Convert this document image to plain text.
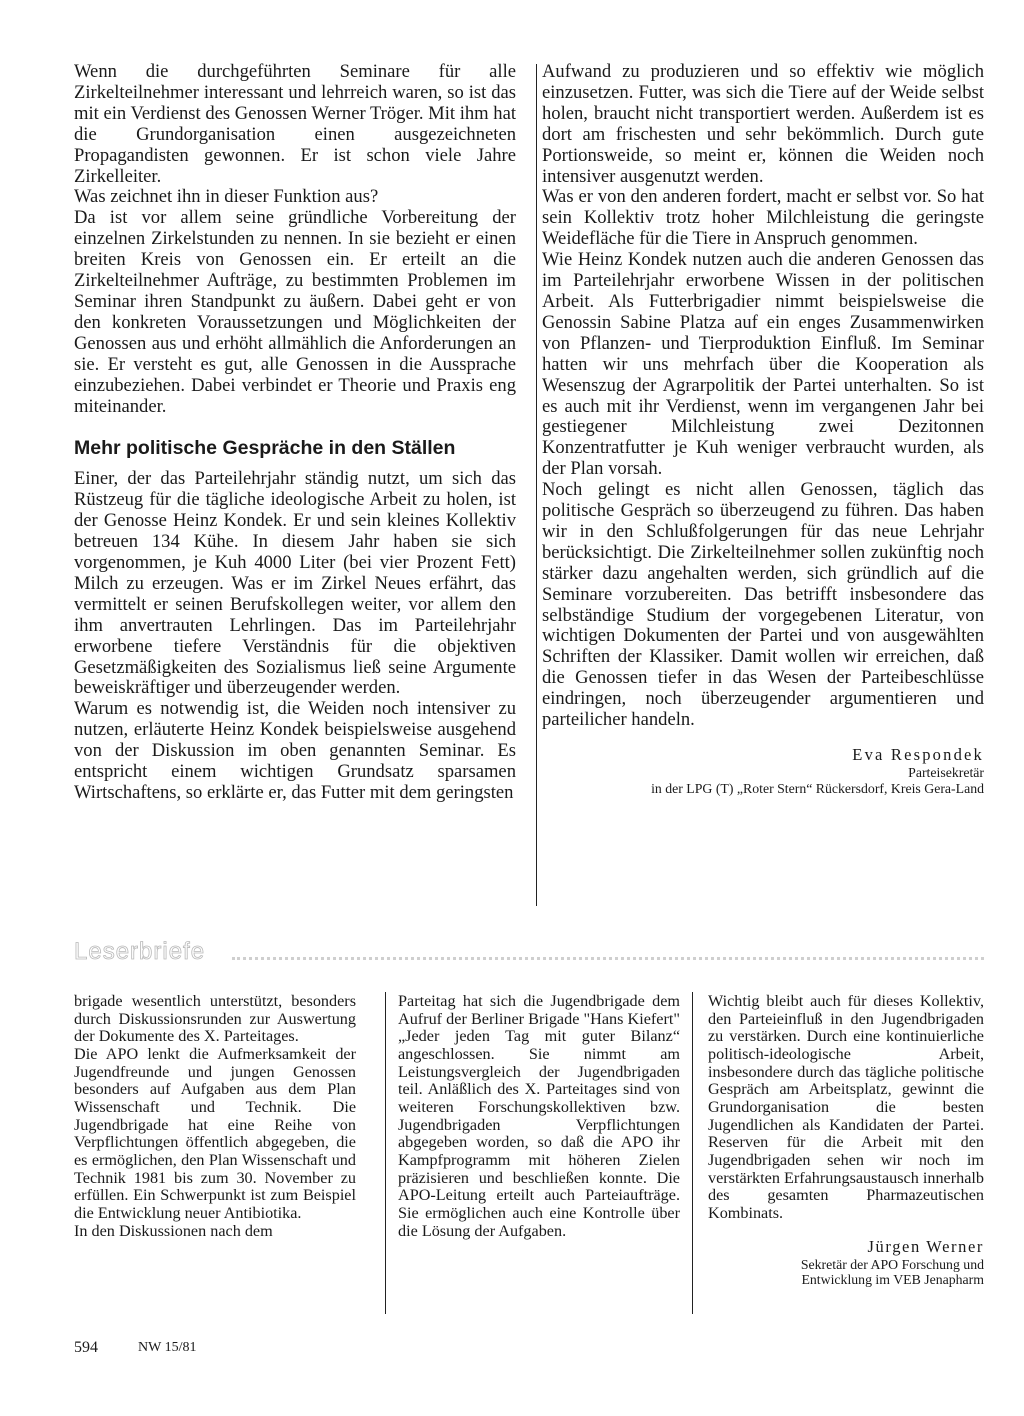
Wenn die durchgeführten Seminare für alle Zirkelteilnehmer interessant und lehrreich waren, so ist das mit ein Verdienst des Genossen Werner Tröger. Mit ihm hat die Grundorganisation einen ausgezeichneten Propagandisten gewonnen. Er ist schon viele Jahre Zirkelleiter.

Was zeichnet ihn in dieser Funktion aus?

Da ist vor allem seine gründliche Vorbereitung der einzelnen Zirkelstunden zu nennen. In sie bezieht er einen breiten Kreis von Genossen ein. Er erteilt an die Zirkelteilnehmer Aufträge, zu bestimmten Problemen im Seminar ihren Standpunkt zu äußern. Dabei geht er von den konkreten Voraussetzungen und Möglichkeiten der Genossen aus und erhöht allmählich die Anforderungen an sie. Er versteht es gut, alle Genossen in die Aussprache einzubeziehen. Dabei verbindet er Theorie und Praxis eng miteinander.

Mehr politische Gespräche in den Ställen

Einer, der das Parteilehrjahr ständig nutzt, um sich das Rüstzeug für die tägliche ideologische Arbeit zu holen, ist der Genosse Heinz Kondek. Er und sein kleines Kollektiv betreuen 134 Kühe. In diesem Jahr haben sie sich vorgenommen, je Kuh 4000 Liter (bei vier Prozent Fett) Milch zu erzeugen. Was er im Zirkel Neues erfährt, das vermittelt er seinen Berufskollegen weiter, vor allem den ihm anvertrauten Lehrlingen. Das im Parteilehrjahr erworbene tiefere Verständnis für die objektiven Gesetzmäßigkeiten des Sozialismus ließ seine Argumente beweiskräftiger und überzeugender werden.

Warum es notwendig ist, die Weiden noch intensiver zu nutzen, erläuterte Heinz Kondek beispielsweise ausgehend von der Diskussion im oben genannten Seminar. Es entspricht einem wichtigen Grundsatz sparsamen Wirtschaftens, so erklärte er, das Futter mit dem geringsten

Aufwand zu produzieren und so effektiv wie möglich einzusetzen. Futter, was sich die Tiere auf der Weide selbst holen, braucht nicht transportiert werden. Außerdem ist es dort am frischesten und sehr bekömmlich. Durch gute Portionsweide, so meint er, können die Weiden noch intensiver ausgenutzt werden.

Was er von den anderen fordert, macht er selbst vor. So hat sein Kollektiv trotz hoher Milchleistung die geringste Weidefläche für die Tiere in Anspruch genommen.

Wie Heinz Kondek nutzen auch die anderen Genossen das im Parteilehrjahr erworbene Wissen in der politischen Arbeit. Als Futterbrigadier nimmt beispielsweise die Genossin Sabine Platza auf ein enges Zusammenwirken von Pflanzen- und Tierproduktion Einfluß. Im Seminar hatten wir uns mehrfach über die Kooperation als Wesenszug der Agrarpolitik der Partei unterhalten. So ist es auch mit ihr Verdienst, wenn im vergangenen Jahr bei gestiegener Milchleistung zwei Dezitonnen Konzentratfutter je Kuh weniger verbraucht wurden, als der Plan vorsah.

Noch gelingt es nicht allen Genossen, täglich das politische Gespräch so überzeugend zu führen. Das haben wir in den Schlußfolgerungen für das neue Lehrjahr berücksichtigt. Die Zirkelteilnehmer sollen zukünftig noch stärker dazu angehalten werden, sich gründlich auf die Seminare vorzubereiten. Das betrifft insbesondere das selbständige Studium der vorgegebenen Literatur, von wichtigen Dokumenten der Partei und von ausgewählten Schriften der Klassiker. Damit wollen wir erreichen, daß die Genossen tiefer in das Wesen der Parteibeschlüsse eindringen, noch überzeugender argumentieren und parteilicher handeln.

Eva Respondek
Parteisekretär
in der LPG (T) „Roter Stern“ Rückersdorf, Kreis Gera-Land
Leserbriefe

brigade wesentlich unterstützt, besonders durch Diskussionsrunden zur Auswertung der Dokumente des X. Parteitages.

Die APO lenkt die Aufmerksamkeit der Jugendfreunde und jungen Genossen besonders auf Aufgaben aus dem Plan Wissenschaft und Technik. Die Jugendbrigade hat eine Reihe von Verpflichtungen öffentlich abgegeben, die es ermöglichen, den Plan Wissenschaft und Technik 1981 bis zum 30. November zu erfüllen. Ein Schwerpunkt ist zum Beispiel die Entwicklung neuer Antibiotika.

In den Diskussionen nach dem

Parteitag hat sich die Jugendbrigade dem Aufruf der Berliner Brigade "Hans Kiefert" „Jeder jeden Tag mit guter Bilanz“ angeschlossen. Sie nimmt am Leistungsvergleich der Jugendbrigaden teil. Anläßlich des X. Parteitages sind von weiteren Forschungskollektiven bzw. Jugendbrigaden Verpflichtungen abgegeben worden, so daß die APO ihr Kampfprogramm mit höheren Zielen präzisieren und beschließen konnte. Die APO-Leitung erteilt auch Parteiaufträge. Sie ermöglichen auch eine Kontrolle über die Lösung der Aufgaben.

Wichtig bleibt auch für dieses Kollektiv, den Parteieinfluß in den Jugendbrigaden zu verstärken. Durch eine kontinuierliche politisch-ideologische Arbeit, insbesondere durch das tägliche politische Gespräch am Arbeitsplatz, gewinnt die Grundorganisation die besten Jugendlichen als Kandidaten der Partei. Reserven für die Arbeit mit den Jugendbrigaden sehen wir noch im verstärkten Erfahrungsaustausch innerhalb des gesamten Pharmazeutischen Kombinats.

Jürgen Werner
Sekretär der APO Forschung und
Entwicklung im VEB Jenapharm
594	NW 15/81
